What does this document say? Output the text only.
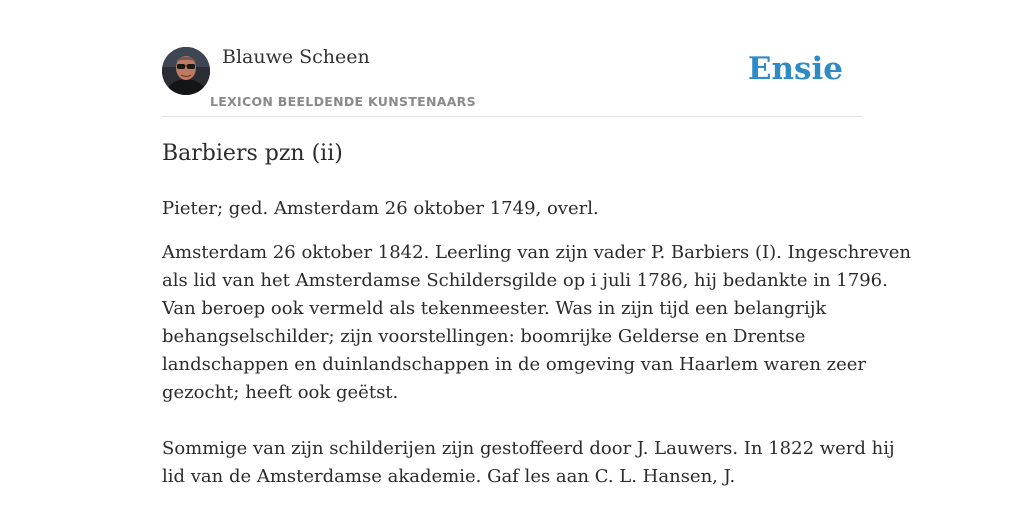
Blauwe Scheen
LEXICON BEELDENDE KUNSTENAARS
Ensie
Barbiers pzn (ii)

Pieter; ged. Amsterdam 26 oktober 1749, overl.

Amsterdam 26 oktober 1842. Leerling van zijn vader P. Barbiers (I). Ingeschreven

als lid van het Amsterdamse Schildersgilde op i juli 1786, hij bedankte in 1796.

Van beroep ook vermeld als tekenmeester. Was in zijn tijd een belangrijk

behangselschilder; zijn voorstellingen: boomrijke Gelderse en Drentse

landschappen en duinlandschappen in de omgeving van Haarlem waren zeer

gezocht; heeft ook geëtst.

Sommige van zijn schilderijen zijn gestoffeerd door J. Lauwers. In 1822 werd hij

lid van de Amsterdamse akademie. Gaf les aan C. L. Hansen, J.
